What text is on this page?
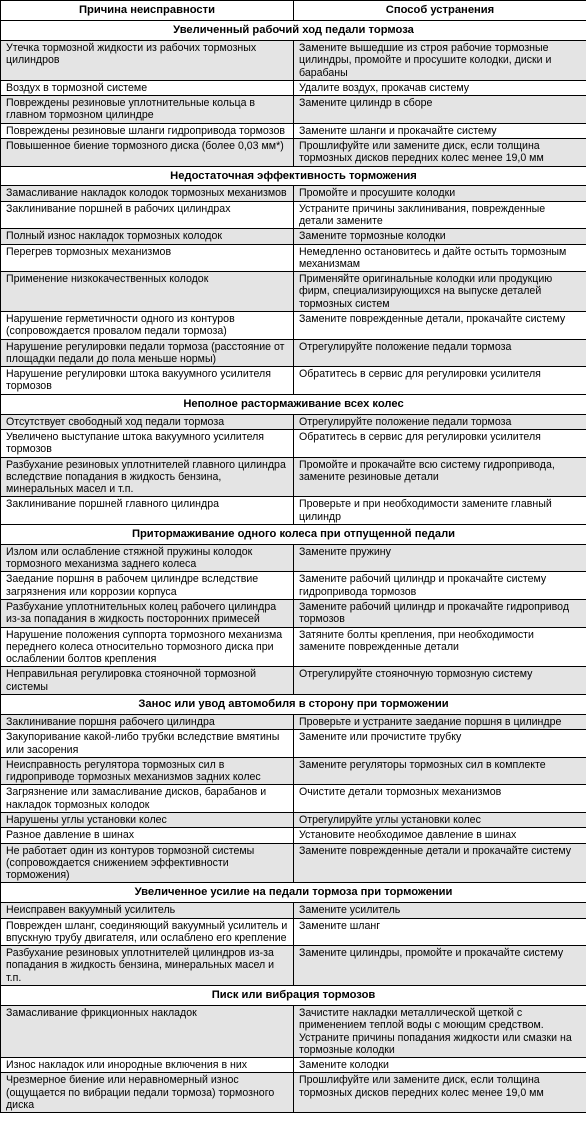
Причина неисправности	Способ устранения
Увеличенный рабочий ход педали тормоза	
Утечка тормозной жидкости из рабочих тормозных цилиндров	Замените вышедшие из строя рабочие тормозные цилиндры, промойте и просушите колодки, диски и барабаны
Воздух в тормозной системе	Удалите воздух, прокачав систему
Повреждены резиновые уплотнительные кольца в главном тормозном цилиндре	Замените цилиндр в сборе
Повреждены резиновые шланги гидропривода тормозов	Замените шланги и прокачайте систему
Повышенное биение тормозного диска (более 0,03 мм*)	Прошлифуйте или замените диск, если толщина тормозных дисков передних колес менее 19,0 мм
Недостаточная эффективность торможения	
Замасливание накладок колодок тормозных механизмов	Промойте и просушите колодки
Заклинивание поршней в рабочих цилиндрах	Устраните причины заклинивания, поврежденные детали замените
Полный износ накладок тормозных колодок	Замените тормозные колодки
Перегрев тормозных механизмов	Немедленно остановитесь и дайте остыть тормозным механизмам
Применение низкокачественных колодок	Применяйте оригинальные колодки или продукцию фирм, специализирующихся на выпуске деталей тормозных систем
Нарушение герметичности одного из контуров (сопровождается провалом педали тормоза)	Замените поврежденные детали, прокачайте систему
Нарушение регулировки педали тормоза (расстояние от площадки педали до пола меньше нормы)	Отрегулируйте положение педали тормоза
Нарушение регулировки штока вакуумного усилителя тормозов	Обратитесь в сервис для регулировки усилителя
Неполное растормаживание всех колес	
Отсутствует свободный ход педали тормоза	Отрегулируйте положение педали тормоза
Увеличено выступание штока вакуумного усилителя тормозов	Обратитесь в сервис для регулировки усилителя
Разбухание резиновых уплотнителей главного цилиндра вследствие попадания в жидкость бензина, минеральных масел и т.п.	Промойте и прокачайте всю систему гидропривода, замените резиновые детали
Заклинивание поршней главного цилиндра	Проверьте и при необходимости замените главный цилиндр
Притормаживание одного колеса при отпущенной педали	
Излом или ослабление стяжной пружины колодок тормозного механизма заднего колеса	Замените пружину
Заедание поршня в рабочем цилиндре вследствие загрязнения или коррозии корпуса	Замените рабочий цилиндр и прокачайте систему гидропривода тормозов
Разбухание уплотнительных колец рабочего цилиндра из-за попадания в жидкость посторонних примесей	Замените рабочий цилиндр и прокачайте гидропривод тормозов
Нарушение положения суппорта тормозного механизма переднего колеса относительно тормозного диска при ослаблении болтов крепления	Затяните болты крепления, при необходимости замените поврежденные детали
Неправильная регулировка стояночной тормозной системы	Отрегулируйте стояночную тормозную систему
Занос или увод автомобиля в сторону при торможении	
Заклинивание поршня рабочего цилиндра	Проверьте и устраните заедание поршня в цилиндре
Закупоривание какой-либо трубки вследствие вмятины или засорения	Замените или прочистите трубку
Неисправность регулятора тормозных сил в гидроприводе тормозных механизмов задних колес	Замените регуляторы тормозных сил в комплекте
Загрязнение или замасливание дисков, барабанов и накладок тормозных колодок	Очистите детали тормозных механизмов
Нарушены углы установки колес	Отрегулируйте углы установки колес
Разное давление в шинах	Установите необходимое давление в шинах
Не работает один из контуров тормозной системы (сопровождается снижением эффективности торможения)	Замените поврежденные детали и прокачайте систему
Увеличенное усилие на педали тормоза при торможении	
Неисправен вакуумный усилитель	Замените усилитель
Поврежден шланг, соединяющий вакуумный усилитель и впускную трубу двигателя, или ослаблено его крепление	Замените шланг
Разбухание резиновых уплотнителей цилиндров из-за попадания в жидкость бензина, минеральных масел и т.п.	Замените цилиндры, промойте и прокачайте систему
Писк или вибрация тормозов	
Замасливание фрикционных накладок	Зачистите накладки металлической щеткой с применением теплой воды с моющим средством. Устраните причины попадания жидкости или смазки на тормозные колодки
Износ накладок или инородные включения в них	Замените колодки
Чрезмерное биение или неравномерный износ (ощущается по вибрации педали тормоза) тормозного диска	Прошлифуйте или замените диск, если толщина тормозных дисков передних колес менее 19,0 мм
